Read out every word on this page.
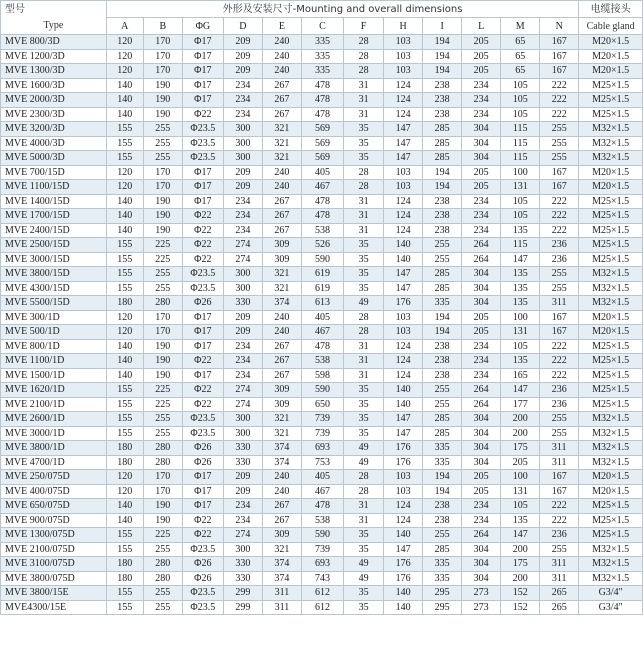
型号	外形及安装尺寸-Mounting and overall dimensions												电缆接头
Type													Cable gland
	A	B	ΦG	D	E	C	F	H	I	L	M	N	
MVE 800/3D	120	170	Φ17	209	240	335	28	103	194	205	65	167	M20×1.5
MVE 1200/3D	120	170	Φ17	209	240	335	28	103	194	205	65	167	M20×1.5
MVE 1300/3D	120	170	Φ17	209	240	335	28	103	194	205	65	167	M20×1.5
MVE 1600/3D	140	190	Φ17	234	267	478	31	124	238	234	105	222	M25×1.5
MVE 2000/3D	140	190	Φ17	234	267	478	31	124	238	234	105	222	M25×1.5
MVE 2300/3D	140	190	Φ22	234	267	478	31	124	238	234	105	222	M25×1.5
MVE 3200/3D	155	255	Φ23.5	300	321	569	35	147	285	304	115	255	M32×1.5
MVE 4000/3D	155	255	Φ23.5	300	321	569	35	147	285	304	115	255	M32×1.5
MVE 5000/3D	155	255	Φ23.5	300	321	569	35	147	285	304	115	255	M32×1.5
MVE 700/15D	120	170	Φ17	209	240	405	28	103	194	205	100	167	M20×1.5
MVE 1100/15D	120	170	Φ17	209	240	467	28	103	194	205	131	167	M20×1.5
MVE 1400/15D	140	190	Φ17	234	267	478	31	124	238	234	105	222	M25×1.5
MVE 1700/15D	140	190	Φ22	234	267	478	31	124	238	234	105	222	M25×1.5
MVE 2400/15D	140	190	Φ22	234	267	538	31	124	238	234	135	222	M25×1.5
MVE 2500/15D	155	225	Φ22	274	309	526	35	140	255	264	115	236	M25×1.5
MVE 3000/15D	155	225	Φ22	274	309	590	35	140	255	264	147	236	M25×1.5
MVE 3800/15D	155	255	Φ23.5	300	321	619	35	147	285	304	135	255	M32×1.5
MVE 4300/15D	155	255	Φ23.5	300	321	619	35	147	285	304	135	255	M32×1.5
MVE 5500/15D	180	280	Φ26	330	374	613	49	176	335	304	135	311	M32×1.5
MVE 300/1D	120	170	Φ17	209	240	405	28	103	194	205	100	167	M20×1.5
MVE 500/1D	120	170	Φ17	209	240	467	28	103	194	205	131	167	M20×1.5
MVE 800/1D	140	190	Φ17	234	267	478	31	124	238	234	105	222	M25×1.5
MVE 1100/1D	140	190	Φ22	234	267	538	31	124	238	234	135	222	M25×1.5
MVE 1500/1D	140	190	Φ17	234	267	598	31	124	238	234	165	222	M25×1.5
MVE 1620/1D	155	225	Φ22	274	309	590	35	140	255	264	147	236	M25×1.5
MVE 2100/1D	155	225	Φ22	274	309	650	35	140	255	264	177	236	M25×1.5
MVE 2600/1D	155	255	Φ23.5	300	321	739	35	147	285	304	200	255	M32×1.5
MVE 3000/1D	155	255	Φ23.5	300	321	739	35	147	285	304	200	255	M32×1.5
MVE 3800/1D	180	280	Φ26	330	374	693	49	176	335	304	175	311	M32×1.5
MVE 4700/1D	180	280	Φ26	330	374	753	49	176	335	304	205	311	M32×1.5
MVE 250/075D	120	170	Φ17	209	240	405	28	103	194	205	100	167	M20×1.5
MVE 400/075D	120	170	Φ17	209	240	467	28	103	194	205	131	167	M20×1.5
MVE 650/075D	140	190	Φ17	234	267	478	31	124	238	234	105	222	M25×1.5
MVE 900/075D	140	190	Φ22	234	267	538	31	124	238	234	135	222	M25×1.5
MVE 1300/075D	155	225	Φ22	274	309	590	35	140	255	264	147	236	M25×1.5
MVE 2100/075D	155	255	Φ23.5	300	321	739	35	147	285	304	200	255	M32×1.5
MVE 3100/075D	180	280	Φ26	330	374	693	49	176	335	304	175	311	M32×1.5
MVE 3800/075D	180	280	Φ26	330	374	743	49	176	335	304	200	311	M32×1.5
MVE 3800/15E	155	255	Φ23.5	299	311	612	35	140	295	273	152	265	G3/4"
MVE4300/15E	155	255	Φ23.5	299	311	612	35	140	295	273	152	265	G3/4"
